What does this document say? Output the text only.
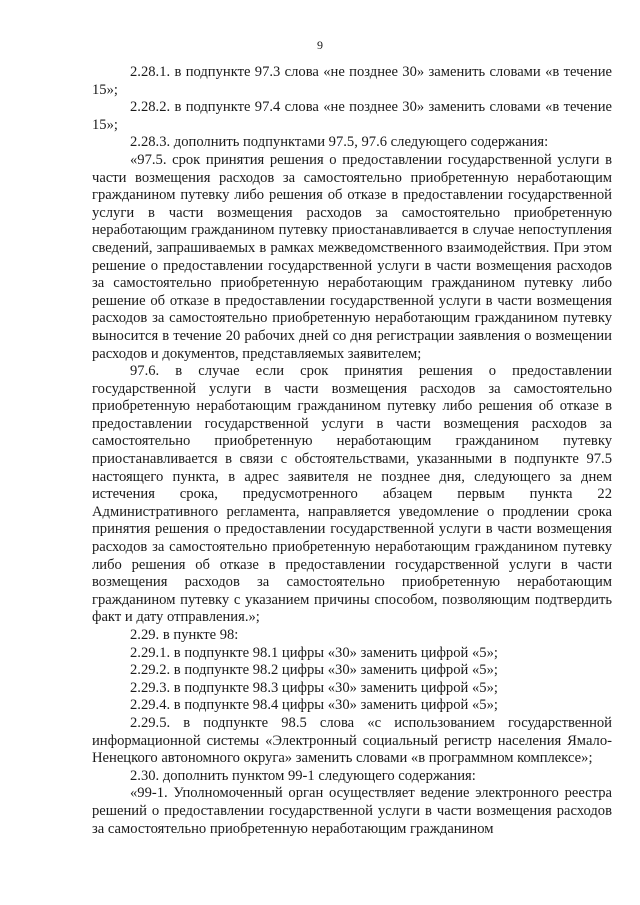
9

2.28.1. в подпункте 97.3 слова «не позднее 30» заменить словами «в течение 15»;

2.28.2. в подпункте 97.4 слова «не позднее 30» заменить словами «в течение 15»;

2.28.3. дополнить подпунктами 97.5, 97.6 следующего содержания:

«97.5. срок принятия решения о предоставлении государственной услуги в части возмещения расходов за самостоятельно приобретенную неработающим гражданином путевку либо решения об отказе в предоставлении государственной услуги в части возмещения расходов за самостоятельно приобретенную неработающим гражданином путевку приостанавливается в случае непоступления сведений, запрашиваемых в рамках межведомственного взаимодействия. При этом решение о предоставлении государственной услуги в части возмещения расходов за самостоятельно приобретенную неработающим гражданином путевку либо решение об отказе в предоставлении государственной услуги в части возмещения расходов за самостоятельно приобретенную неработающим гражданином путевку выносится в течение 20 рабочих дней со дня регистрации заявления о возмещении расходов и документов, представляемых заявителем;

97.6. в случае если срок принятия решения о предоставлении государственной услуги в части возмещения расходов за самостоятельно приобретенную неработающим гражданином путевку либо решения об отказе в предоставлении государственной услуги в части возмещения расходов за самостоятельно приобретенную неработающим гражданином путевку приостанавливается в связи с обстоятельствами, указанными в подпункте 97.5 настоящего пункта, в адрес заявителя не позднее дня, следующего за днем истечения срока, предусмотренного абзацем первым пункта 22 Административного регламента, направляется уведомление о продлении срока принятия решения о предоставлении государственной услуги в части возмещения расходов за самостоятельно приобретенную неработающим гражданином путевку либо решения об отказе в предоставлении государственной услуги в части возмещения расходов за самостоятельно приобретенную неработающим гражданином путевку с указанием причины способом, позволяющим подтвердить факт и дату отправления.»;

2.29. в пункте 98:

2.29.1. в подпункте 98.1 цифры «30» заменить цифрой «5»;

2.29.2. в подпункте 98.2 цифры «30» заменить цифрой «5»;

2.29.3. в подпункте 98.3 цифры «30» заменить цифрой «5»;

2.29.4. в подпункте 98.4 цифры «30» заменить цифрой «5»;

2.29.5. в подпункте 98.5 слова «с использованием государственной информационной системы «Электронный социальный регистр населения Ямало-Ненецкого автономного округа» заменить словами «в программном комплексе»;

2.30. дополнить пунктом 99-1 следующего содержания:

«99-1. Уполномоченный орган осуществляет ведение электронного реестра решений о предоставлении государственной услуги в части возмещения расходов за самостоятельно приобретенную неработающим гражданином
